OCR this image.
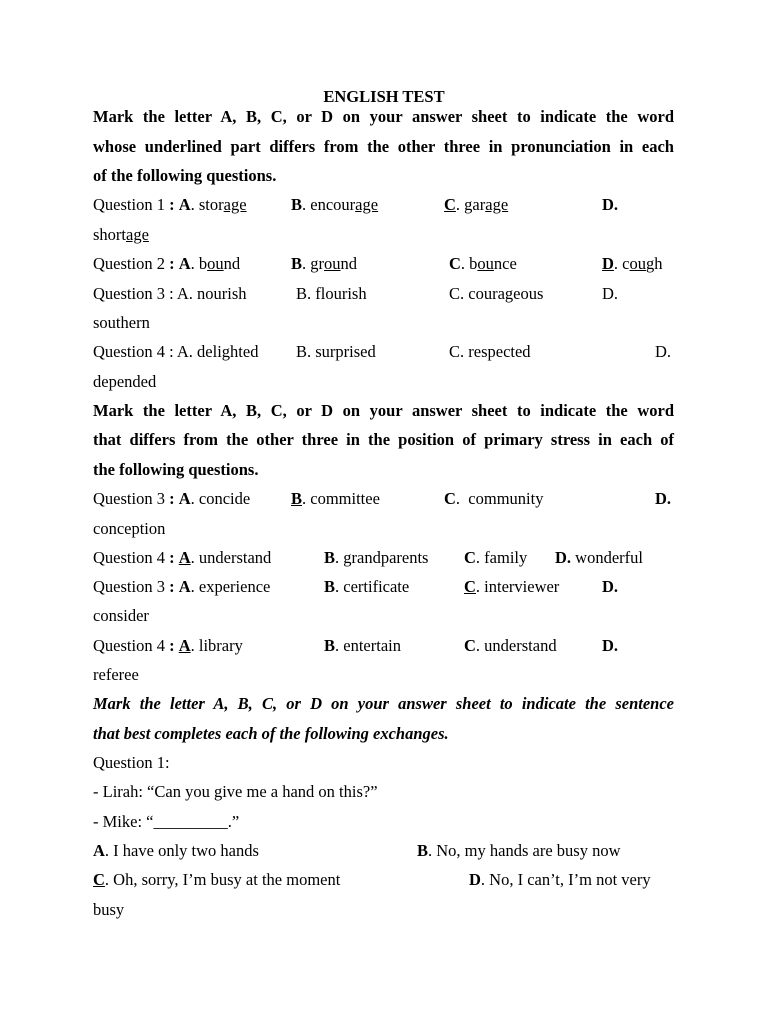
ENGLISH TEST
Mark the letter A, B, C, or D on your answer sheet to indicate the word
whose underlined part differs from the other three in pronunciation in each
of the following questions.
Question 1 : A. storage	B. encourage	C. garage	D.
shortage
Question 2 : A. bound	B. ground	C. bounce	D. cough
Question 3 : A. nourish	B. flourish	C. courageous	D.
southern
Question 4 : A. delighted B. surprised	C. respected	D.
depended
Mark the letter A, B, C, or D on your answer sheet to indicate the word
that differs from the other three in the position of primary stress in each of
the following questions.
Question 3 : A. concide B. committee	C.  community	D.
conception
Question 4 : A. understand	B. grandparents C. family D. wonderful
Question 3 : A. experience	B. certificate	C. interviewer	D.
consider
Question 4 : A. library	B. entertain	C. understand	D.
referee
Mark the letter A, B, C, or D on your answer sheet to indicate the sentence
that best completes each of the following exchanges.
Question 1:
- Lirah: “Can you give me a hand on this?”
- Mike: “_________.”
A. I have only two hands	B. No, my hands are busy now
C. Oh, sorry, I’m busy at the moment	D. No, I can’t, I’m not very
busy
